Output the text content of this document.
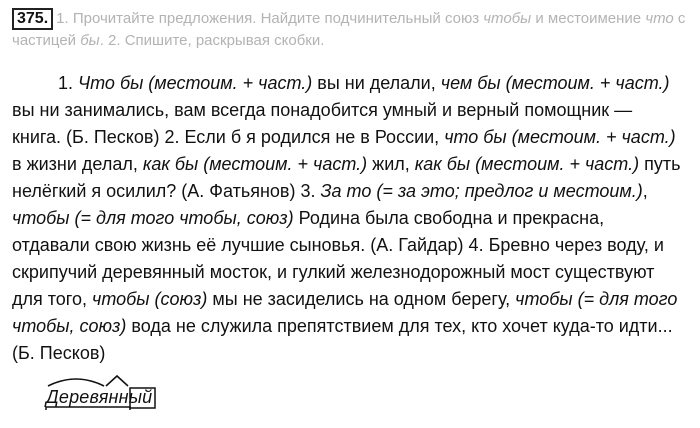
375. 1. Прочитайте предложения. Найдите подчинительный союз чтобы и местоимение что с частицей бы. 2. Спишите, раскрывая скобки.

1. Что бы (местоим. + част.) вы ни делали, чем бы (местоим. + част.) вы ни занимались, вам всегда понадобится умный и верный помощник — книга. (Б. Песков) 2. Если б я родился не в России, что бы (местоим. + част.) в жизни делал, как бы (местоим. + част.) жил, как бы (местоим. + част.) путь нелёгкий я осилил? (А. Фатьянов) 3. За то (= за это; предлог и местоим.), чтобы (= для того чтобы, союз) Родина была свободна и прекрасна, отдавали свою жизнь её лучшие сыновья. (А. Гайдар) 4. Бревно через воду, и скрипучий деревянный мосток, и гулкий железнодорожный мост существуют для того, чтобы (союз) мы не засиделись на одном берегу, чтобы (= для того чтобы, союз) вода не служила препятствием для тех, кто хочет куда-то идти... (Б. Песков)

Деревянный
